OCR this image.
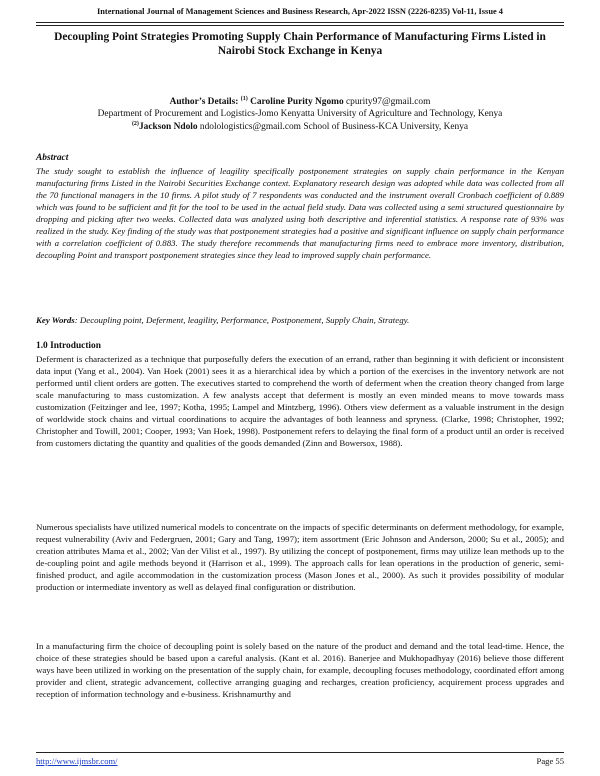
International Journal of Management Sciences and Business Research, Apr-2022 ISSN (2226-8235) Vol-11, Issue 4
Decoupling Point Strategies Promoting Supply Chain Performance of Manufacturing Firms Listed in Nairobi Stock Exchange in Kenya
Author’s Details: $^{(1)}$ Caroline Purity Ngomo cpurity97@gmail.com
Department of Procurement and Logistics-Jomo Kenyatta University of Agriculture and Technology, Kenya
$^{(2)}$Jackson Ndolo ndolologistics@gmail.com School of Business-KCA University, Kenya
Abstract
The study sought to establish the influence of leagility specifically postponement strategies on supply chain performance in the Kenyan manufacturing firms Listed in the Nairobi Securities Exchange context. Explanatory research design was adopted while data was collected from all the 70 functional managers in the 10 firms. A pilot study of 7 respondents was conducted and the instrument overall Cronbach coefficient of 0.889 which was found to be sufficient and fit for the tool to be used in the actual field study. Data was collected using a semi structured questionnaire by dropping and picking after two weeks. Collected data was analyzed using both descriptive and inferential statistics. A response rate of 93% was realized in the study. Key finding of the study was that postponement strategies had a positive and significant influence on supply chain performance with a correlation coefficient of 0.883. The study therefore recommends that manufacturing firms need to embrace more inventory, distribution, decoupling Point and transport postponement strategies since they lead to improved supply chain performance.
Key Words: Decoupling point, Deferment, leagility, Performance, Postponement, Supply Chain, Strategy.
1.0 Introduction
Deferment is characterized as a technique that purposefully defers the execution of an errand, rather than beginning it with deficient or inconsistent data input (Yang et al., 2004). Van Hoek (2001) sees it as a hierarchical idea by which a portion of the exercises in the inventory network are not performed until client orders are gotten. The executives started to comprehend the worth of deferment when the creation theory changed from large scale manufacturing to mass customization. A few analysts accept that deferment is mostly an even minded means to move towards mass customization (Feitzinger and lee, 1997; Kotha, 1995; Lampel and Mintzberg, 1996). Others view deferment as a valuable instrument in the design of worldwide stock chains and virtual coordinations to acquire the advantages of both leanness and spryness. (Clarke, 1998; Christopher, 1992; Christopher and Towill, 2001; Cooper, 1993; Van Hoek, 1998). Postponement refers to delaying the final form of a product until an order is received from customers dictating the quantity and qualities of the goods demanded (Zinn and Bowersox, 1988).
Numerous specialists have utilized numerical models to concentrate on the impacts of specific determinants on deferment methodology, for example, request vulnerability (Aviv and Federgruen, 2001; Gary and Tang, 1997); item assortment (Eric Johnson and Anderson, 2000; Su et al., 2005); and creation attributes Mama et al., 2002; Van der Vilist et al., 1997). By utilizing the concept of postponement, firms may utilize lean methods up to the de-coupling point and agile methods beyond it (Harrison et al., 1999). The approach calls for lean operations in the production of generic, semi-finished product, and agile accommodation in the customization process (Mason Jones et al., 2000). As such it provides possibility of modular production or intermediate inventory as well as delayed final configuration or distribution.
In a manufacturing firm the choice of decoupling point is solely based on the nature of the product and demand and the total lead-time. Hence, the choice of these strategies should be based upon a careful analysis. (Kant et al. 2016). Banerjee and Mukhopadhyay (2016) believe those different ways have been utilized in working on the presentation of the supply chain, for example, decoupling focuses methodology, coordinated effort among provider and client, strategic advancement, collective arranging guaging and recharges, creation proficiency, acquirement process upgrades and reception of information technology and e-business. Krishnamurthy and
http://www.ijmsbr.com/	Page 55
